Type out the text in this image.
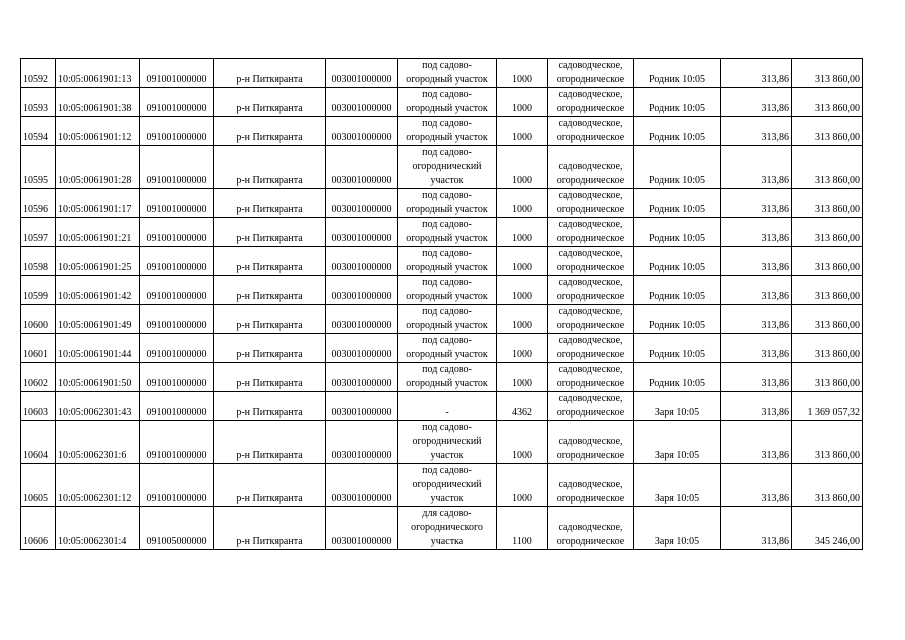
10592	10:05:0061901:13	091001000000	р-н Питкяранта	003001000000	под садово-
огородный участок	1000	садоводческое,
огородническое	Родник 10:05	313,86	313 860,00
10593	10:05:0061901:38	091001000000	р-н Питкяранта	003001000000	под садово-
огородный участок	1000	садоводческое,
огородническое	Родник 10:05	313,86	313 860,00
10594	10:05:0061901:12	091001000000	р-н Питкяранта	003001000000	под садово-
огородный участок	1000	садоводческое,
огородническое	Родник 10:05	313,86	313 860,00
10595	10:05:0061901:28	091001000000	р-н Питкяранта	003001000000	под садово-
огороднический
участок	1000	садоводческое,
огородническое	Родник 10:05	313,86	313 860,00
10596	10:05:0061901:17	091001000000	р-н Питкяранта	003001000000	под садово-
огородный участок	1000	садоводческое,
огородническое	Родник 10:05	313,86	313 860,00
10597	10:05:0061901:21	091001000000	р-н Питкяранта	003001000000	под садово-
огородный участок	1000	садоводческое,
огородническое	Родник 10:05	313,86	313 860,00
10598	10:05:0061901:25	091001000000	р-н Питкяранта	003001000000	под садово-
огородный участок	1000	садоводческое,
огородническое	Родник 10:05	313,86	313 860,00
10599	10:05:0061901:42	091001000000	р-н Питкяранта	003001000000	под садово-
огородный участок	1000	садоводческое,
огородническое	Родник 10:05	313,86	313 860,00
10600	10:05:0061901:49	091001000000	р-н Питкяранта	003001000000	под садово-
огородный участок	1000	садоводческое,
огородническое	Родник 10:05	313,86	313 860,00
10601	10:05:0061901:44	091001000000	р-н Питкяранта	003001000000	под садово-
огородный участок	1000	садоводческое,
огородническое	Родник 10:05	313,86	313 860,00
10602	10:05:0061901:50	091001000000	р-н Питкяранта	003001000000	под садово-
огородный участок	1000	садоводческое,
огородническое	Родник 10:05	313,86	313 860,00
10603	10:05:0062301:43	091001000000	р-н Питкяранта	003001000000	-	4362	садоводческое,
огородническое	Заря 10:05	313,86	1 369 057,32
10604	10:05:0062301:6	091001000000	р-н Питкяранта	003001000000	под садово-
огороднический
участок	1000	садоводческое,
огородническое	Заря 10:05	313,86	313 860,00
10605	10:05:0062301:12	091001000000	р-н Питкяранта	003001000000	под садово-
огороднический
участок	1000	садоводческое,
огородническое	Заря 10:05	313,86	313 860,00
10606	10:05:0062301:4	091005000000	р-н Питкяранта	003001000000	для садово-
огороднического
участка	1100	садоводческое,
огородническое	Заря 10:05	313,86	345 246,00
